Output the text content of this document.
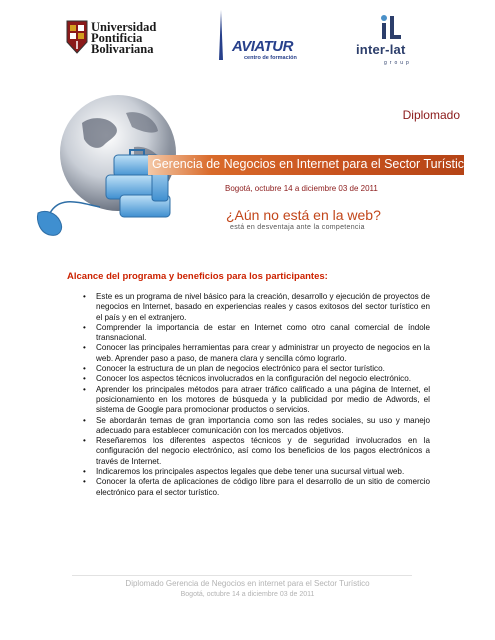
Universidad
Pontificia
Bolivariana	AVIATUR
centro de formación
inter-lat
group
Diplomado
Gerencia de Negocios en Internet para el Sector Turístico
Bogotá, octubre 14 a diciembre 03 de 2011
¿Aún no está en la web?
está en desventaja ante la competencia
Alcance del programa y beneficios para los participantes:
• Este es un programa de nivel básico para la creación, desarrollo y ejecución de proyectos de negocios en Internet, basado en experiencias reales y casos exitosos del sector turístico en el país y en el extranjero.
• Comprender la importancia de estar en Internet como otro canal comercial de índole transnacional.
• Conocer las principales herramientas para crear y administrar un proyecto de negocios en la web. Aprender paso a paso, de manera clara y sencilla cómo lograrlo.
• Conocer la estructura de un plan de negocios electrónico para el sector turístico.
• Conocer los aspectos técnicos involucrados en la configuración del negocio electrónico.
• Aprender los principales métodos para atraer tráfico calificado a una página de Internet, el posicionamiento en los motores de búsqueda y la publicidad por medio de Adwords, el sistema de Google para promocionar productos o servicios.
• Se abordarán temas de gran importancia como son las redes sociales, su uso y manejo adecuado para establecer comunicación con los mercados objetivos.
• Reseñaremos los diferentes aspectos técnicos y de seguridad involucrados en la configuración del negocio electrónico, así como los beneficios de los pagos electrónicos a través de Internet.
• Indicaremos los principales aspectos legales que debe tener una sucursal virtual web.
• Conocer la oferta de aplicaciones de código libre para el desarrollo de un sitio de comercio electrónico para el sector turístico.
Diplomado Gerencia de Negocios en internet para el Sector Turístico
Bogotá, octubre 14 a diciembre 03 de 2011
